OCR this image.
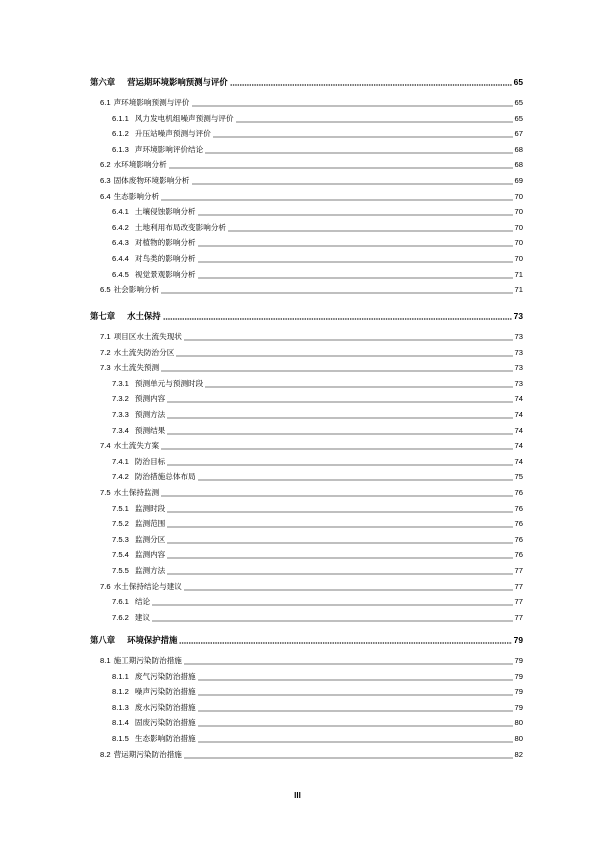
第六章 营运期环境影响预测与评价	65
6.1 声环境影响预测与评价	65
6.1.1 风力发电机组噪声预测与评价	65
6.1.2 升压站噪声预测与评价	67
6.1.3 声环境影响评价结论	68
6.2 水环境影响分析	68
6.3 固体废物环境影响分析	69
6.4 生态影响分析	70
6.4.1 土壤侵蚀影响分析	70
6.4.2 土地利用布局改变影响分析	70
6.4.3 对植物的影响分析	70
6.4.4 对鸟类的影响分析	70
6.4.5 视觉景观影响分析	71
6.5 社会影响分析	71
第七章 水土保持	73
7.1 项目区水土流失现状	73
7.2 水土流失防治分区	73
7.3 水土流失预测	73
7.3.1 预测单元与预测时段	73
7.3.2 预测内容	74
7.3.3 预测方法	74
7.3.4 预测结果	74
7.4 水土流失方案	74
7.4.1 防治目标	74
7.4.2 防治措施总体布局	75
7.5 水土保持监测	76
7.5.1 监测时段	76
7.5.2 监测范围	76
7.5.3 监测分区	76
7.5.4 监测内容	76
7.5.5 监测方法	77
7.6 水土保持结论与建议	77
7.6.1 结论	77
7.6.2 建议	77
第八章 环境保护措施	79
8.1 施工期污染防治措施	79
8.1.1 废气污染防治措施	79
8.1.2 噪声污染防治措施	79
8.1.3 废水污染防治措施	79
8.1.4 固废污染防治措施	80
8.1.5 生态影响防治措施	80
8.2 营运期污染防治措施	82
III
